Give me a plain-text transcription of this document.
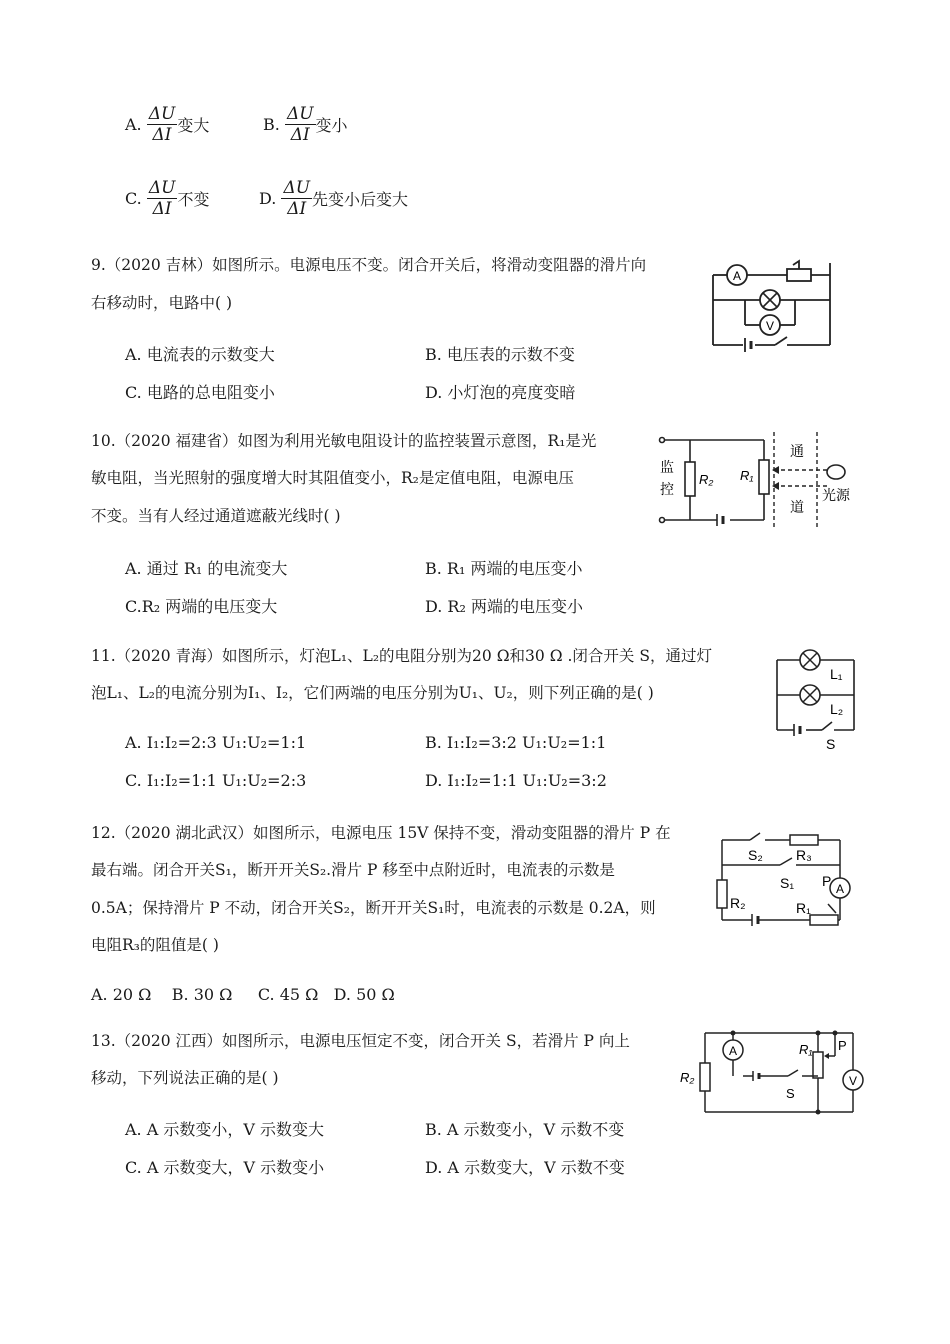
A. $\frac{\Delta U}{\Delta I}$ 变大	B. $\frac{\Delta U}{\Delta I}$ 变小
C. $\frac{\Delta U}{\Delta I}$ 不变	D. $\frac{\Delta U}{\Delta I}$ 先变小后变大
9.（2020 吉林）如图所示。电源电压不变。闭合开关后，将滑动变阻器的滑片向
右移动时，电路中( )
A. 电流表的示数变大	B. 电压表的示数不变
C. 电路的总电阻变小	D. 小灯泡的亮度变暗
A
V
10.（2020 福建省）如图为利用光敏电阻设计的监控装置示意图，R₁是光
敏电阻，当光照射的强度增大时其阻值变小，R₂是定值电阻，电源电压
不变。当有人经过通道遮蔽光线时( )
A. 通过 R₁ 的电流变大	B. R₁ 两端的电压变小
C.R₂ 两端的电压变大	D. R₂ 两端的电压变小
监
控
R₂ R₁
通
道
光源
11.（2020 青海）如图所示，灯泡L₁、L₂的电阻分别为20 Ω和30 Ω .闭合开关 S，通过灯
泡L₁、L₂的电流分别为I₁、I₂，它们两端的电压分别为U₁、U₂，则下列正确的是( )
A. I₁:I₂=2:3 U₁:U₂=1:1	B. I₁:I₂=3:2 U₁:U₂=1:1
C. I₁:I₂=1:1 U₁:U₂=2:3	D. I₁:I₂=1:1 U₁:U₂=3:2
L₁
L₂
S
12.（2020 湖北武汉）如图所示，电源电压 15V 保持不变，滑动变阻器的滑片 P 在
最右端。闭合开关S₁，断开开关S₂.滑片 P 移至中点附近时，电流表的示数是
0.5A；保持滑片 P 不动，闭合开关S₂，断开开关S₁时，电流表的示数是 0.2A，则
电阻R₃的阻值是( )
A. 20 Ω    B. 30 Ω     C. 45 Ω   D. 50 Ω
A
S₂ R₃
S₁ P
R₂	R₁
13.（2020 江西）如图所示，电源电压恒定不变，闭合开关 S，若滑片 P 向上
移动，下列说法正确的是( )
A. A 示数变小，V 示数变大	B. A 示数变小，V 示数不变
C. A 示数变大，V 示数变小	D. A 示数变大，V 示数不变
A
V
R₂
R₁ P
S
